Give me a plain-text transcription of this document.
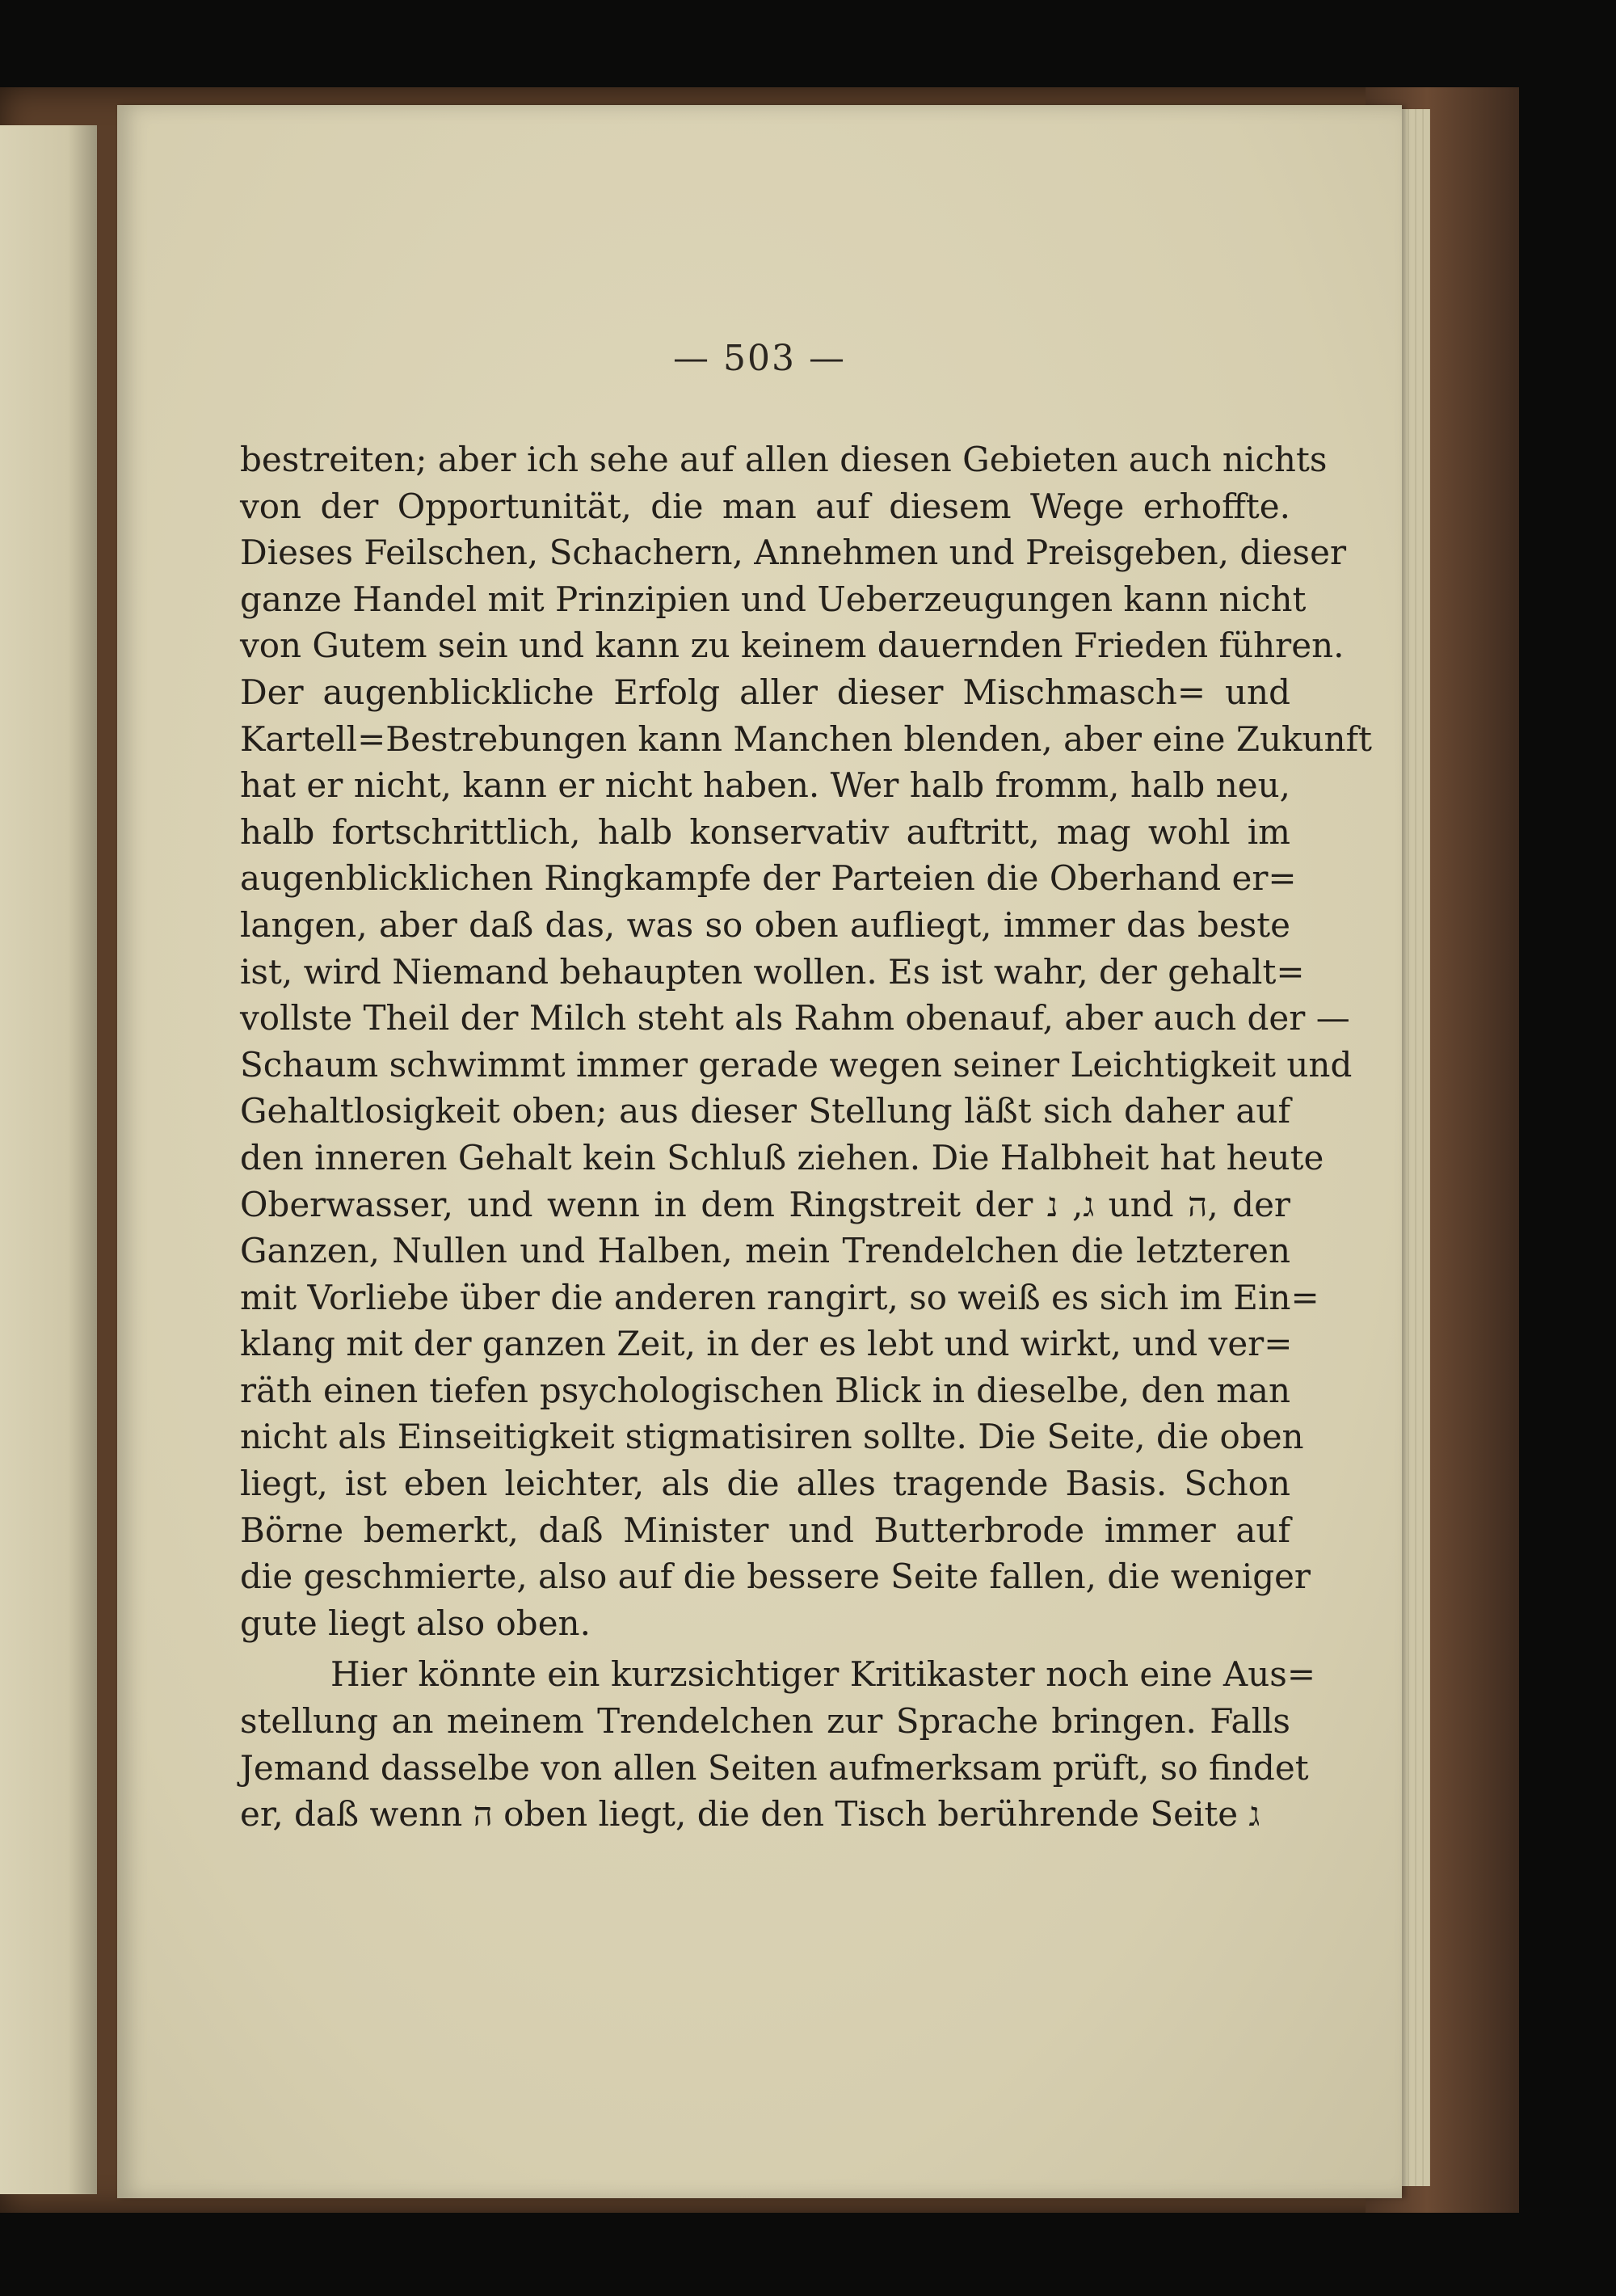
— 503 —
bestreiten; aber ich sehe auf allen diesen Gebieten auch nichts
von der Opportunität, die man auf diesem Wege erhoffte.
Dieses Feilschen, Schachern, Annehmen und Preisgeben, dieser
ganze Handel mit Prinzipien und Ueberzeugungen kann nicht
von Gutem sein und kann zu keinem dauernden Frieden führen.
Der augenblickliche Erfolg aller dieser Mischmasch= und
Kartell=Bestrebungen kann Manchen blenden, aber eine Zukunft
hat er nicht, kann er nicht haben. Wer halb fromm, halb neu,
halb fortschrittlich, halb konservativ auftritt, mag wohl im
augenblicklichen Ringkampfe der Parteien die Oberhand er=
langen, aber daß das, was so oben aufliegt, immer das beste
ist, wird Niemand behaupten wollen. Es ist wahr, der gehalt=
vollste Theil der Milch steht als Rahm obenauf, aber auch der —
Schaum schwimmt immer gerade wegen seiner Leichtigkeit und
Gehaltlosigkeit oben; aus dieser Stellung läßt sich daher auf
den inneren Gehalt kein Schluß ziehen. Die Halbheit hat heute
Oberwasser, und wenn in dem Ringstreit der ג, נ und ה, der
Ganzen, Nullen und Halben, mein Trendelchen die letzteren
mit Vorliebe über die anderen rangirt, so weiß es sich im Ein=
klang mit der ganzen Zeit, in der es lebt und wirkt, und ver=
räth einen tiefen psychologischen Blick in dieselbe, den man
nicht als Einseitigkeit stigmatisiren sollte. Die Seite, die oben
liegt, ist eben leichter, als die alles tragende Basis. Schon
Börne bemerkt, daß Minister und Butterbrode immer auf
die geschmierte, also auf die bessere Seite fallen, die weniger
gute liegt also oben.
Hier könnte ein kurzsichtiger Kritikaster noch eine Aus=
stellung an meinem Trendelchen zur Sprache bringen. Falls
Jemand dasselbe von allen Seiten aufmerksam prüft, so findet
er, daß wenn ה oben liegt, die den Tisch berührende Seite ג
